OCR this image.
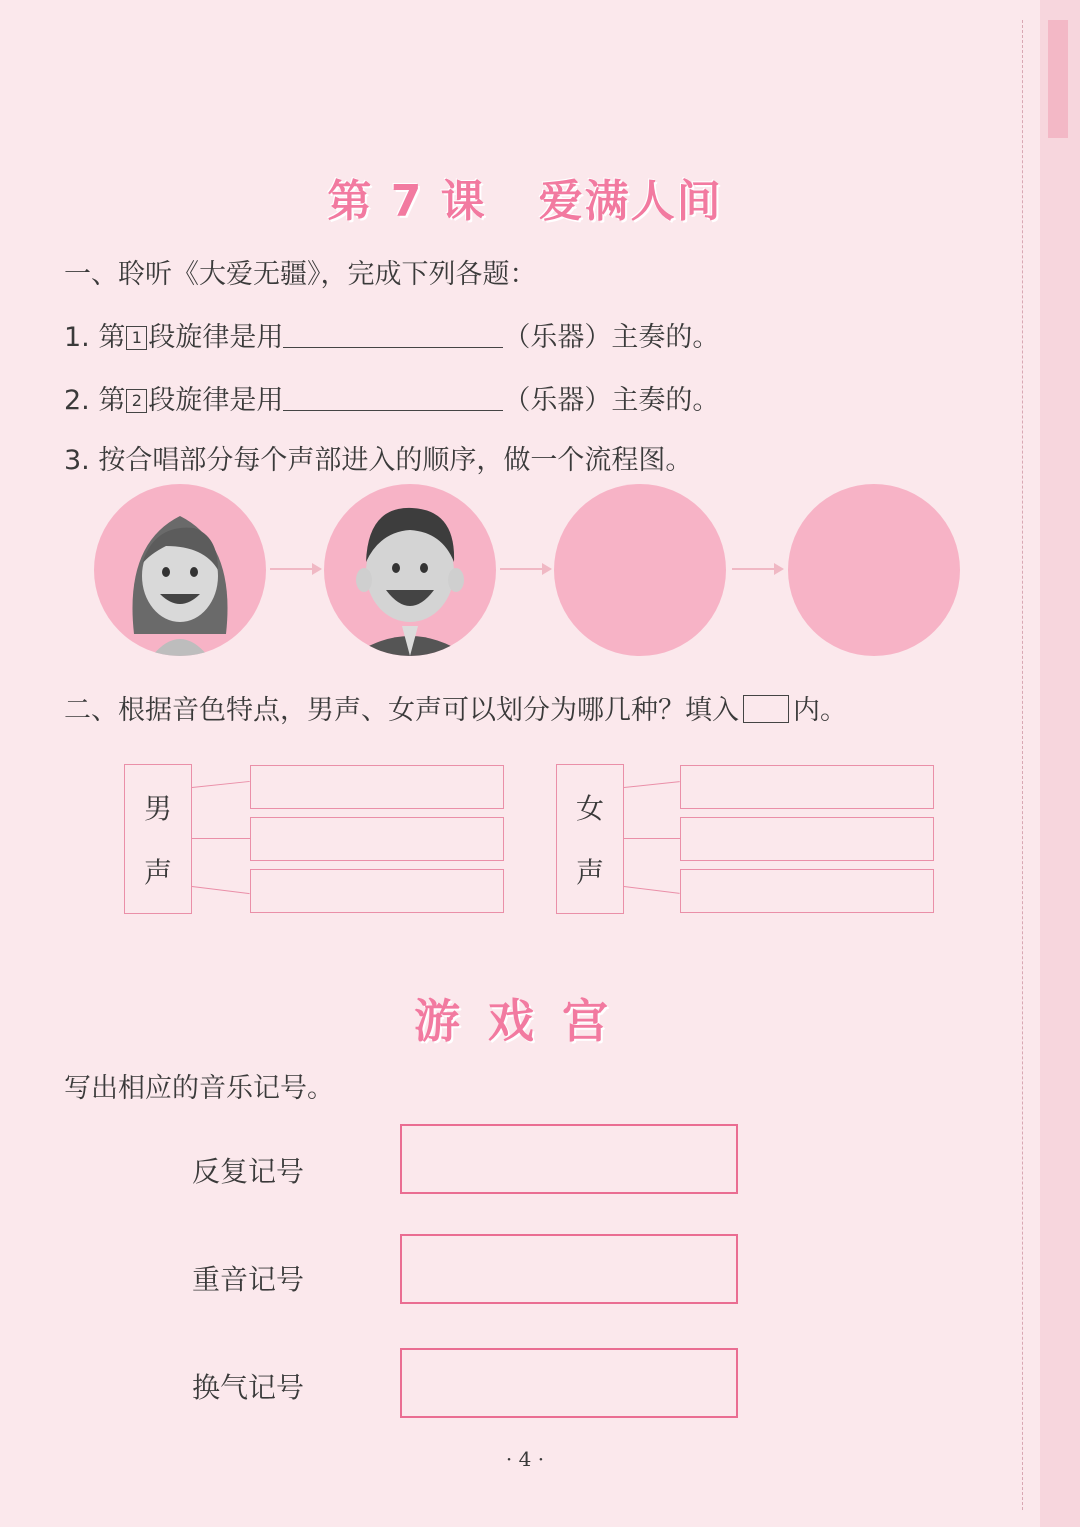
第 7 课 爱满人间
一、聆听《大爱无疆》，完成下列各题：
1. 第 1 段旋律是用	（乐器）主奏的。
2. 第 2 段旋律是用	（乐器）主奏的。
3. 按合唱部分每个声部进入的顺序，做一个流程图。
二、根据音色特点，男声、女声可以划分为哪几种？填入 内。
男
声
女
声
游戏宫
写出相应的音乐记号。
反复记号
重音记号
换气记号
· 4 ·
